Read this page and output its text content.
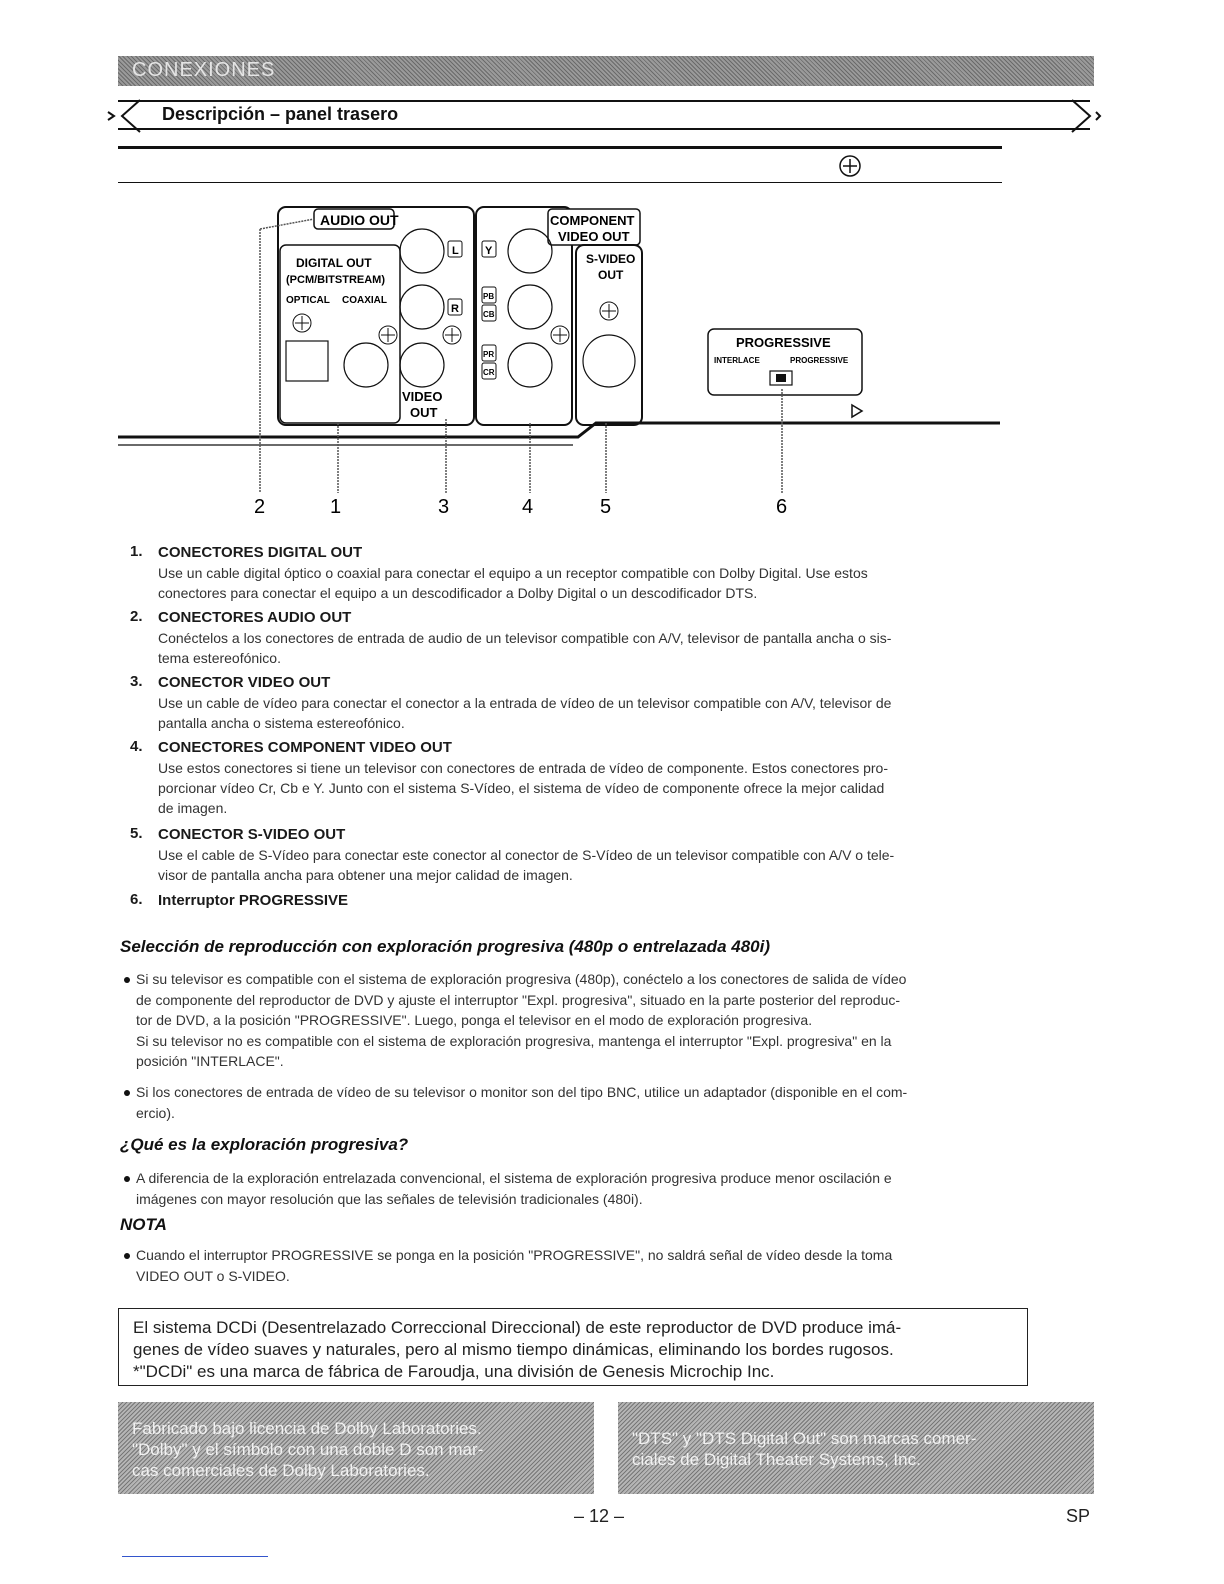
CONEXIONES
Descripción – panel trasero
AUDIO OUT
DIGITAL OUT
(PCM/BITSTREAM)
OPTICAL COAXIAL
L
R
VIDEO
OUT
COMPONENT
VIDEO OUT
Y
PB
CB
PR
CR
S-VIDEO
OUT
PROGRESSIVE
INTERLACE	PROGRESSIVE
2	1	3	4	5	6
1. CONECTORES DIGITAL OUT
Use un cable digital óptico o coaxial para conectar el equipo a un receptor compatible con Dolby Digital. Use estos
conectores para conectar el equipo a un descodificador a Dolby Digital o un descodificador DTS.
2. CONECTORES AUDIO OUT
Conéctelos a los conectores de entrada de audio de un televisor compatible con A/V, televisor de pantalla ancha o sis-
tema estereofónico.
3. CONECTOR VIDEO OUT
Use un cable de vídeo para conectar el conector a la entrada de vídeo de un televisor compatible con A/V, televisor de
pantalla ancha o sistema estereofónico.
4. CONECTORES COMPONENT VIDEO OUT
Use estos conectores si tiene un televisor con conectores de entrada de vídeo de componente. Estos conectores pro-
porcionar vídeo Cr, Cb e Y. Junto con el sistema S-Vídeo, el sistema de vídeo de componente ofrece la mejor calidad
de imagen.
5. CONECTOR S-VIDEO OUT
Use el cable de S-Vídeo para conectar este conector al conector de S-Vídeo de un televisor compatible con A/V o tele-
visor de pantalla ancha para obtener una mejor calidad de imagen.
6. Interruptor PROGRESSIVE
Selección de reproducción con exploración progresiva (480p o entrelazada 480i)
Si su televisor es compatible con el sistema de exploración progresiva (480p), conéctelo a los conectores de salida de vídeo
de componente del reproductor de DVD y ajuste el interruptor "Expl. progresiva", situado en la parte posterior del reproduc-
tor de DVD, a la posición "PROGRESSIVE". Luego, ponga el televisor en el modo de exploración progresiva.
Si su televisor no es compatible con el sistema de exploración progresiva, mantenga el interruptor "Expl. progresiva" en la
posición "INTERLACE".
Si los conectores de entrada de vídeo de su televisor o monitor son del tipo BNC, utilice un adaptador (disponible en el com-
ercio).
¿Qué es la exploración progresiva?
A diferencia de la exploración entrelazada convencional, el sistema de exploración progresiva produce menor oscilación e
imágenes con mayor resolución que las señales de televisión tradicionales (480i).
NOTA
Cuando el interruptor PROGRESSIVE se ponga en la posición "PROGRESSIVE", no saldrá señal de vídeo desde la toma
VIDEO OUT o S-VIDEO.
El sistema DCDi (Desentrelazado Correccional Direccional) de este reproductor de DVD produce imá-
genes de vídeo suaves y naturales, pero al mismo tiempo dinámicas, eliminando los bordes rugosos.
*"DCDi" es una marca de fábrica de Faroudja, una división de Genesis Microchip Inc.
Fabricado bajo licencia de Dolby Laboratories.
"Dolby" y el símbolo con una doble D son mar-
cas comerciales de Dolby Laboratories.
"DTS" y "DTS Digital Out" son marcas comer-
ciales de Digital Theater Systems, Inc.
– 12 –	SP
